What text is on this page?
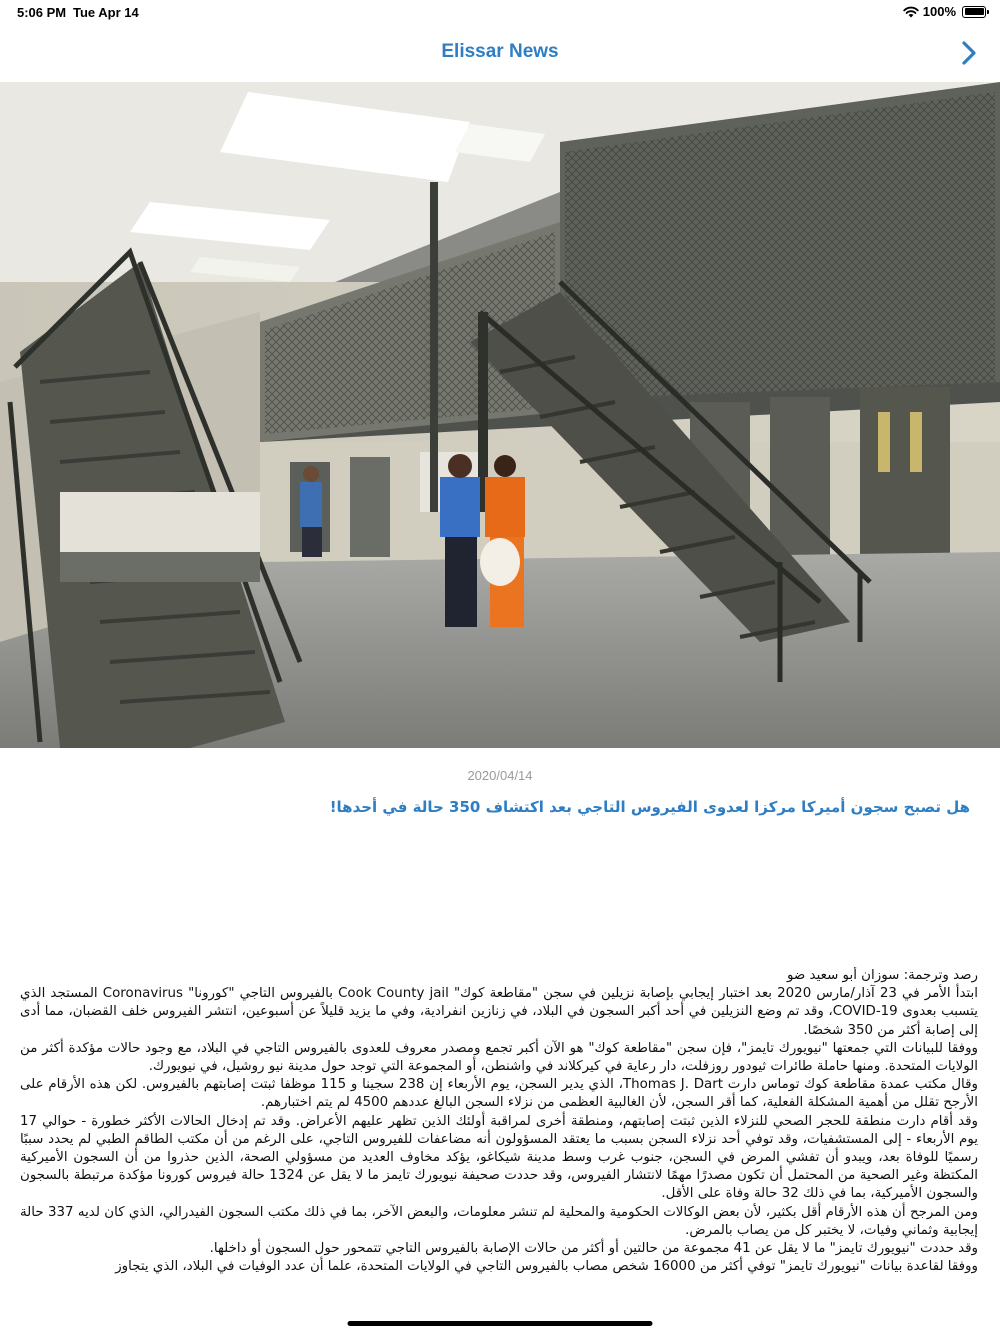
5:06 PM Tue Apr 14	100%
Elissar News
2020/04/14
هل تصبح سجون أميركا مركزا لعدوى الفيروس التاجي بعد اكتشاف 350 حالة في أحدها!

رصد وترجمة: سوزان أبو سعيد ضو

ابتدأ الأمر في 23 آذار/مارس 2020 بعد اختبار إيجابي بإصابة نزيلين في سجن "مقاطعة كوك" Cook County jail بالفيروس التاجي "كورونا" Coronavirus المستجد الذي يتسبب بعدوى COVID-19، وقد تم وضع النزيلين في أحد أكبر السجون في البلاد، في زنازين انفرادية، وفي ما يزيد قليلاً عن أسبوعين، انتشر الفيروس خلف القضبان، مما أدى إلى إصابة أكثر من 350 شخصًا.

ووفقا للبيانات التي جمعتها "نيويورك تايمز"، فإن سجن "مقاطعة كوك" هو الآن أكبر تجمع ومصدر معروف للعدوى بالفيروس التاجي في البلاد، مع وجود حالات مؤكدة أكثر من الولايات المتحدة. ومنها حاملة طائرات ثيودور روزفلت، دار رعاية في كيركلاند في واشنطن، أو المجموعة التي توجد حول مدينة نيو روشيل، في نيويورك.

وقال مكتب عمدة مقاطعة كوك توماس دارت Thomas J. Dart، الذي يدير السجن، يوم الأربعاء إن 238 سجينا و 115 موظفا ثبتت إصابتهم بالفيروس. لكن هذه الأرقام على الأرجح تقلل من أهمية المشكلة الفعلية، كما أقر السجن، لأن الغالبية العظمى من نزلاء السجن البالغ عددهم 4500 لم يتم اختبارهم.

وقد أقام دارت منطقة للحجر الصحي للنزلاء الذين ثبتت إصابتهم، ومنطقة أخرى لمراقبة أولئك الذين تظهر عليهم الأعراض. وقد تم إدخال الحالات الأكثر خطورة - حوالي 17 يوم الأربعاء - إلى المستشفيات، وقد توفي أحد نزلاء السجن بسبب ما يعتقد المسؤولون أنه مضاعفات للفيروس التاجي، على الرغم من أن مكتب الطاقم الطبي لم يحدد سببًا رسميًا للوفاة بعد، ويبدو أن تفشي المرض في السجن، جنوب غرب وسط مدينة شيكاغو، يؤكد مخاوف العديد من مسؤولي الصحة، الذين حذروا من أن السجون الأميركية المكتظة وغير الصحية من المحتمل أن تكون مصدرًا مهمًا لانتشار الفيروس، وقد حددت صحيفة نيويورك تايمز ما لا يقل عن 1324 حالة فيروس كورونا مؤكدة مرتبطة بالسجون والسجون الأميركية، بما في ذلك 32 حالة وفاة على الأقل.

ومن المرجح أن هذه الأرقام أقل بكثير، لأن بعض الوكالات الحكومية والمحلية لم تنشر معلومات، والبعض الآخر، بما في ذلك مكتب السجون الفيدرالي، الذي كان لديه 337 حالة إيجابية وثماني وفيات، لا يختبر كل من يصاب بالمرض.

وقد حددت "نيويورك تايمز" ما لا يقل عن 41 مجموعة من حالتين أو أكثر من حالات الإصابة بالفيروس التاجي تتمحور حول السجون أو داخلها.

ووفقا لقاعدة بيانات "نيويورك تايمز" توفي أكثر من 16000 شخص مصاب بالفيروس التاجي في الولايات المتحدة، علما أن عدد الوفيات في البلاد، الذي يتجاوز
